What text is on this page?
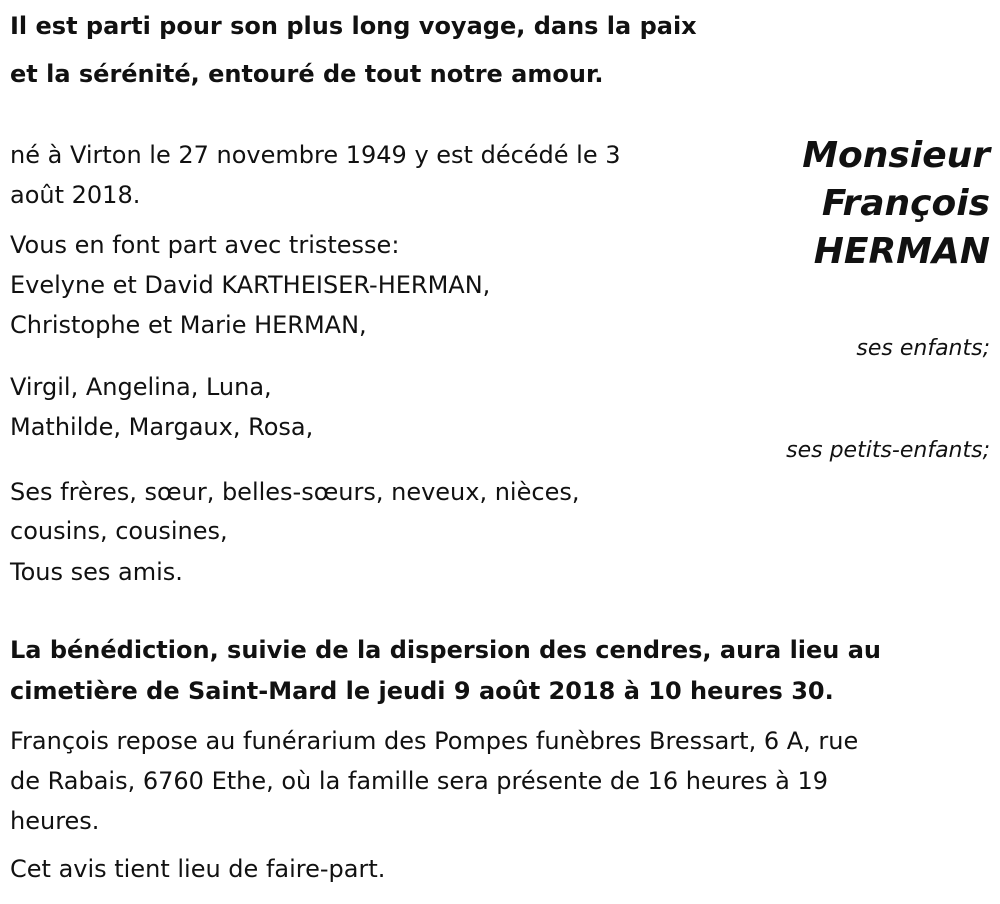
Il est parti pour son plus long voyage, dans la paix
et la sérénité, entouré de tout notre amour.
né à Virton le 27 novembre 1949 y est décédé le 3
août 2018.
Monsieur
François
HERMAN
Vous en font part avec tristesse:
Evelyne et David KARTHEISER-HERMAN,
Christophe et Marie HERMAN,
ses enfants;
Virgil, Angelina, Luna,
Mathilde, Margaux, Rosa,
ses petits-enfants;
Ses frères, sœur, belles-sœurs, neveux, nièces,
cousins, cousines,
Tous ses amis.
La bénédiction, suivie de la dispersion des cendres, aura lieu au
cimetière de Saint-Mard le jeudi 9 août 2018 à 10 heures 30.
François repose au funérarium des Pompes funèbres Bressart, 6 A, rue
de Rabais, 6760 Ethe, où la famille sera présente de 16 heures à 19
heures.
Cet avis tient lieu de faire-part.
